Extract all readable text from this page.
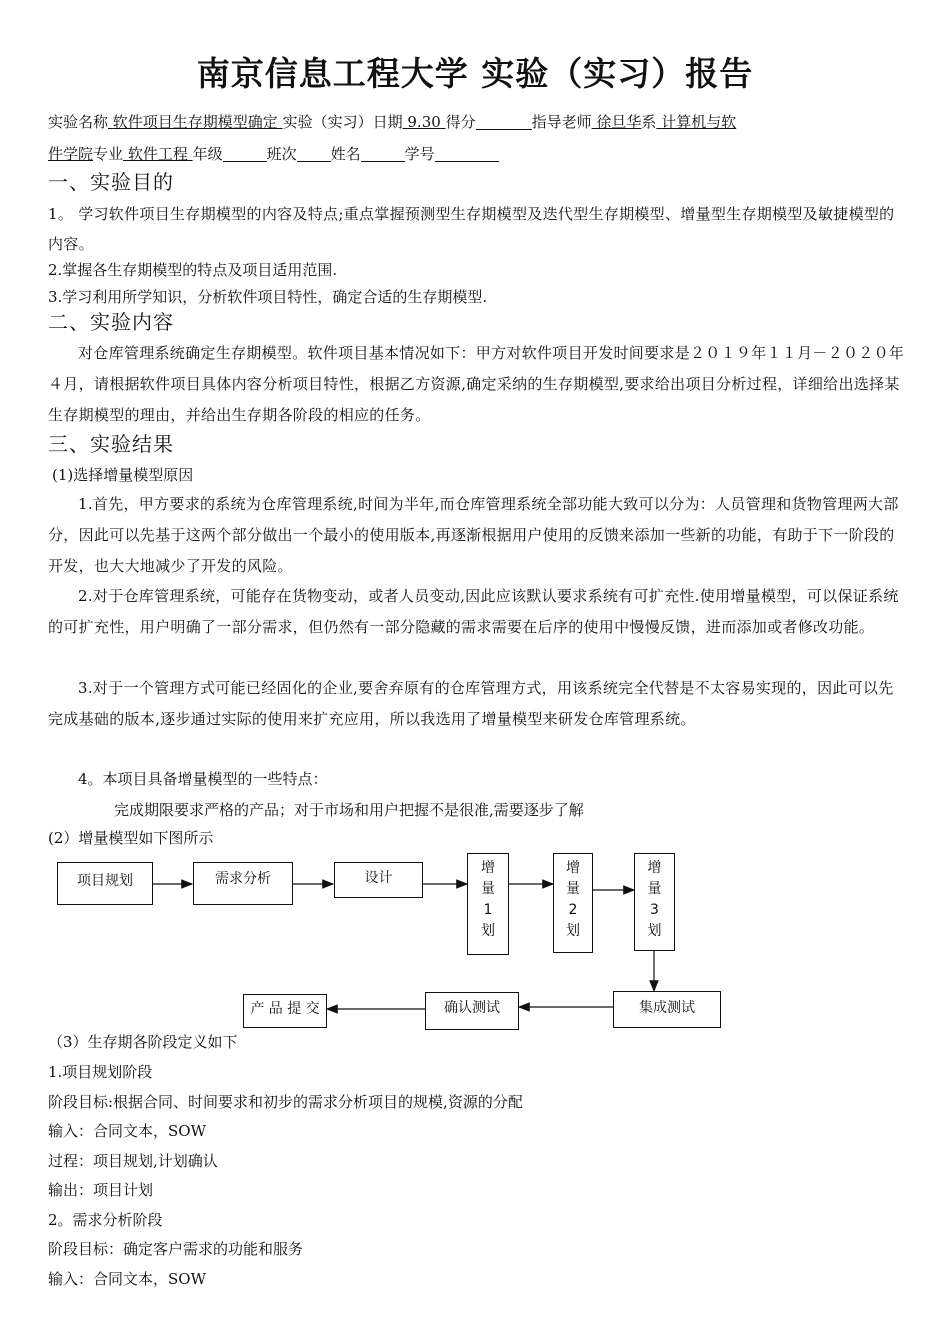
南京信息工程大学 实验（实习）报告
实验名称 软件项目生存期模型确定 实验（实习）日期 9.30 得分	指导老师 徐旦华系 计算机与软
件学院专业 软件工程 年级	班次 姓名	学号
一、实验目的
1。 学习软件项目生存期模型的内容及特点;重点掌握预测型生存期模型及迭代型生存期模型、增量型生存期模型及敏捷模型的内容。
2.掌握各生存期模型的特点及项目适用范围.
3.学习利用所学知识，分析软件项目特性，确定合适的生存期模型.
二、实验内容
对仓库管理系统确定生存期模型。软件项目基本情况如下：甲方对软件项目开发时间要求是２０１９年１１月－２０２０年４月，请根据软件项目具体内容分析项目特性，根据乙方资源,确定采纳的生存期模型,要求给出项目分析过程，详细给出选择某生存期模型的理由，并给出生存期各阶段的相应的任务。
三、实验结果
(1)选择增量模型原因
1.首先，甲方要求的系统为仓库管理系统,时间为半年,而仓库管理系统全部功能大致可以分为：人员管理和货物管理两大部分，因此可以先基于这两个部分做出一个最小的使用版本,再逐渐根据用户使用的反馈来添加一些新的功能，有助于下一阶段的开发，也大大地减少了开发的风险。
2.对于仓库管理系统，可能存在货物变动，或者人员变动,因此应该默认要求系统有可扩充性.使用增量模型，可以保证系统的可扩充性，用户明确了一部分需求，但仍然有一部分隐藏的需求需要在后序的使用中慢慢反馈，进而添加或者修改功能。
3.对于一个管理方式可能已经固化的企业,要舍弃原有的仓库管理方式，用该系统完全代替是不太容易实现的，因此可以先完成基础的版本,逐步通过实际的使用来扩充应用，所以我选用了增量模型来研发仓库管理系统。
4。本项目具备增量模型的一些特点：
完成期限要求严格的产品；对于市场和用户把握不是很准,需要逐步了解
(2）增量模型如下图所示
项目规划	需求分析	设计
增
量
1
划
增
量
2
划
增
量
3
划
集成测试
确认测试
产 品 提 交
（3）生存期各阶段定义如下
1.项目规划阶段
阶段目标:根据合同、时间要求和初步的需求分析项目的规模,资源的分配
输入：合同文本，SOW
过程：项目规划,计划确认
输出：项目计划
2。需求分析阶段
阶段目标：确定客户需求的功能和服务
输入：合同文本，SOW
